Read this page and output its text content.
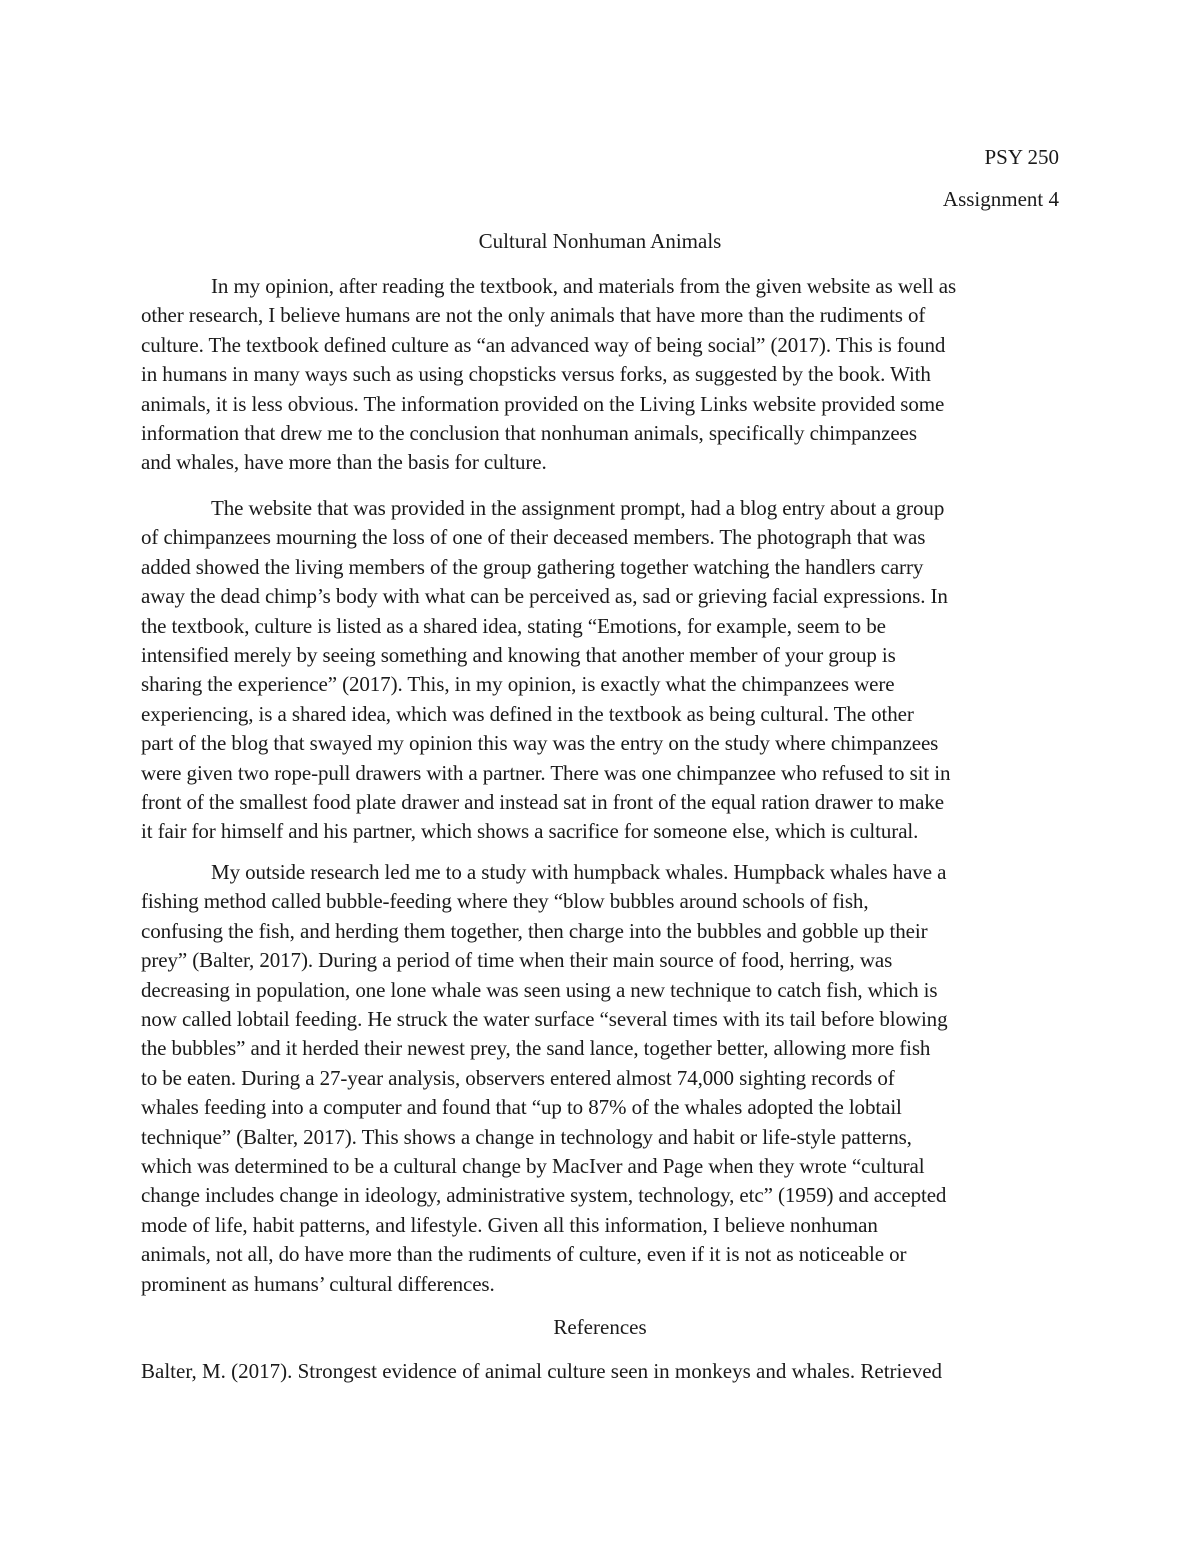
PSY 250
Assignment 4
Cultural Nonhuman Animals
In my opinion, after reading the textbook, and materials from the given website as well as
other research, I believe humans are not the only animals that have more than the rudiments of
culture. The textbook defined culture as “an advanced way of being social” (2017). This is found
in humans in many ways such as using chopsticks versus forks, as suggested by the book. With
animals, it is less obvious. The information provided on the Living Links website provided some
information that drew me to the conclusion that nonhuman animals, specifically chimpanzees
and whales, have more than the basis for culture.
The website that was provided in the assignment prompt, had a blog entry about a group
of chimpanzees mourning the loss of one of their deceased members. The photograph that was
added showed the living members of the group gathering together watching the handlers carry
away the dead chimp’s body with what can be perceived as, sad or grieving facial expressions. In
the textbook, culture is listed as a shared idea, stating “Emotions, for example, seem to be
intensified merely by seeing something and knowing that another member of your group is
sharing the experience” (2017). This, in my opinion, is exactly what the chimpanzees were
experiencing, is a shared idea, which was defined in the textbook as being cultural. The other
part of the blog that swayed my opinion this way was the entry on the study where chimpanzees
were given two rope-pull drawers with a partner. There was one chimpanzee who refused to sit in
front of the smallest food plate drawer and instead sat in front of the equal ration drawer to make
it fair for himself and his partner, which shows a sacrifice for someone else, which is cultural.
My outside research led me to a study with humpback whales. Humpback whales have a
fishing method called bubble-feeding where they “blow bubbles around schools of fish,
confusing the fish, and herding them together, then charge into the bubbles and gobble up their
prey” (Balter, 2017). During a period of time when their main source of food, herring, was
decreasing in population, one lone whale was seen using a new technique to catch fish, which is
now called lobtail feeding. He struck the water surface “several times with its tail before blowing
the bubbles” and it herded their newest prey, the sand lance, together better, allowing more fish
to be eaten. During a 27-year analysis, observers entered almost 74,000 sighting records of
whales feeding into a computer and found that “up to 87% of the whales adopted the lobtail
technique” (Balter, 2017). This shows a change in technology and habit or life-style patterns,
which was determined to be a cultural change by MacIver and Page when they wrote “cultural
change includes change in ideology, administrative system, technology, etc” (1959) and accepted
mode of life, habit patterns, and lifestyle. Given all this information, I believe nonhuman
animals, not all, do have more than the rudiments of culture, even if it is not as noticeable or
prominent as humans’ cultural differences.
References
Balter, M. (2017). Strongest evidence of animal culture seen in monkeys and whales. Retrieved
